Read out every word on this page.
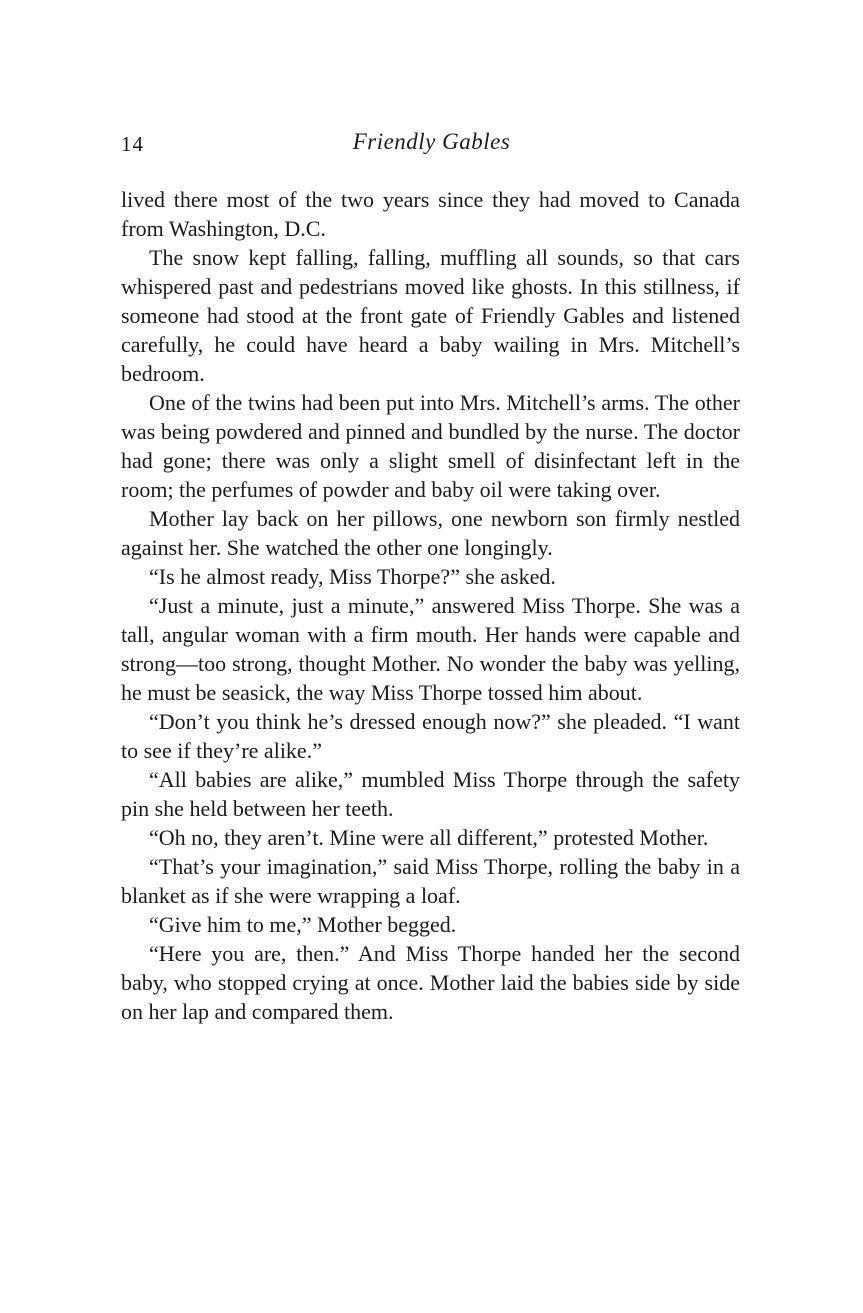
14	Friendly Gables

lived there most of the two years since they had moved to Canada from Washington, D.C.

The snow kept falling, falling, muffling all sounds, so that cars whispered past and pedestrians moved like ghosts. In this stillness, if someone had stood at the front gate of Friendly Gables and listened carefully, he could have heard a baby wailing in Mrs. Mitchell’s bedroom.

One of the twins had been put into Mrs. Mitchell’s arms. The other was being powdered and pinned and bundled by the nurse. The doctor had gone; there was only a slight smell of disinfectant left in the room; the perfumes of powder and baby oil were taking over.

Mother lay back on her pillows, one newborn son firmly nestled against her. She watched the other one longingly.

“Is he almost ready, Miss Thorpe?” she asked.

“Just a minute, just a minute,” answered Miss Thorpe. She was a tall, angular woman with a firm mouth. Her hands were capable and strong—too strong, thought Mother. No wonder the baby was yelling, he must be seasick, the way Miss Thorpe tossed him about.

“Don’t you think he’s dressed enough now?” she pleaded. “I want to see if they’re alike.”

“All babies are alike,” mumbled Miss Thorpe through the safety pin she held between her teeth.

“Oh no, they aren’t. Mine were all different,” protested Mother.

“That’s your imagination,” said Miss Thorpe, rolling the baby in a blanket as if she were wrapping a loaf.

“Give him to me,” Mother begged.

“Here you are, then.” And Miss Thorpe handed her the second baby, who stopped crying at once. Mother laid the babies side by side on her lap and compared them.
